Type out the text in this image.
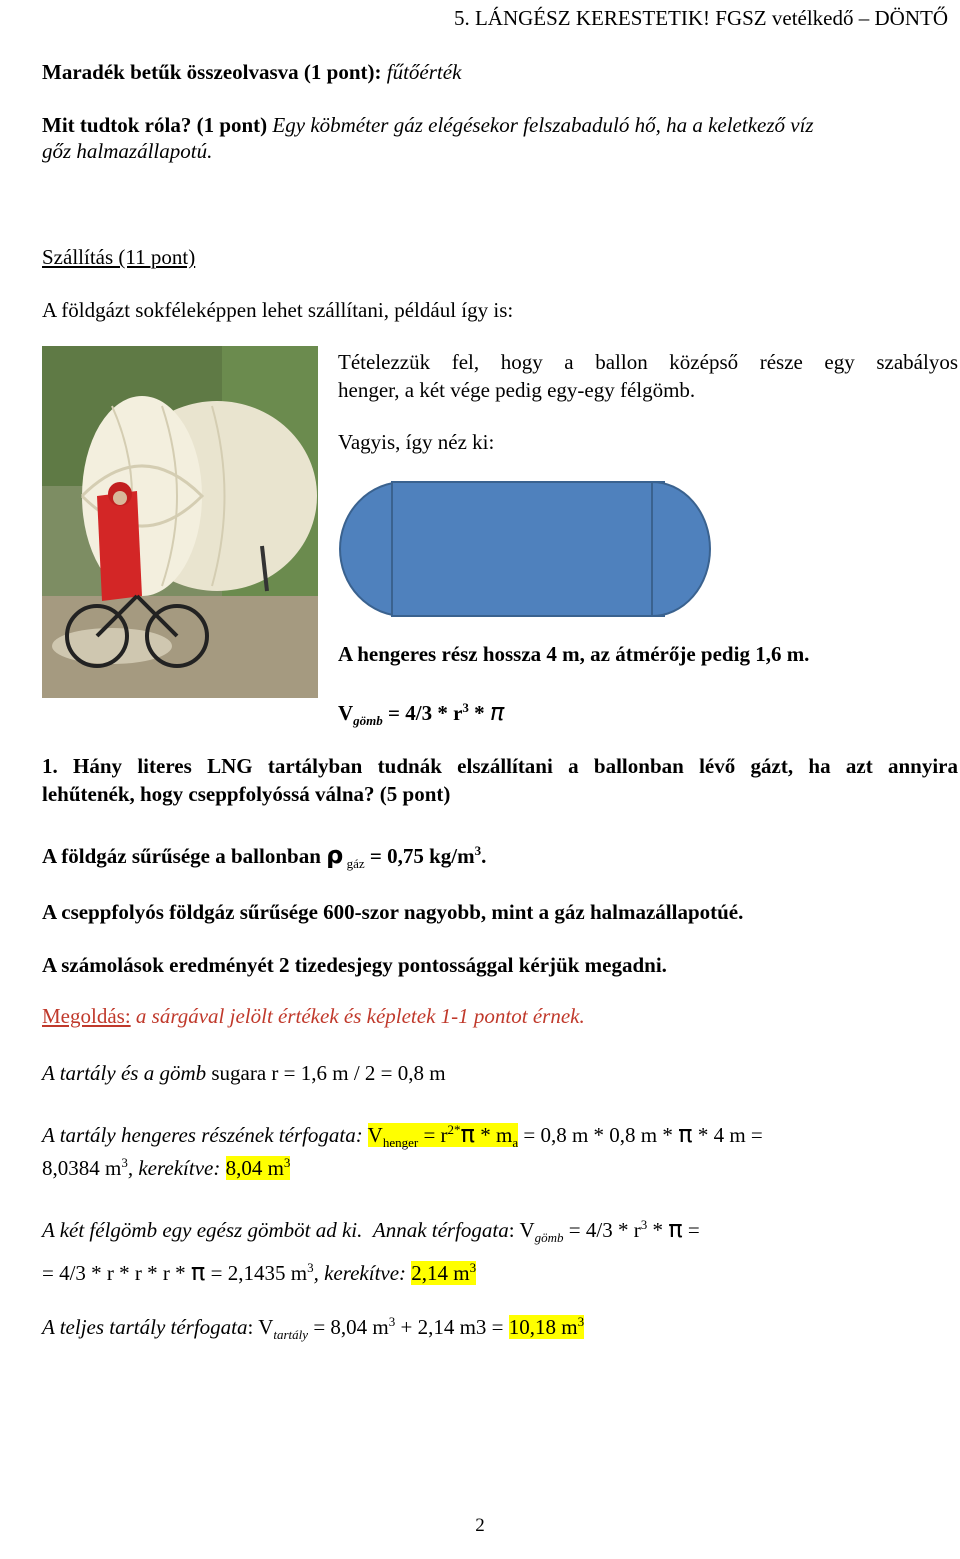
5. LÁNGÉSZ KERESTETIK! FGSZ vetélkedő – DÖNTŐ
Maradék betűk összeolvasva (1 pont): fűtőérték
Mit tudtok róla? (1 pont) Egy köbméter gáz elégésekor felszabaduló hő, ha a keletkező víz
gőz halmazállapotú.
Szállítás (11 pont)
A földgázt sokféleképpen lehet szállítani, például így is:
Tételezzük fel, hogy a ballon középső része egy szabályos
henger, a két vége pedig egy-egy félgömb.
Vagyis, így néz ki:
A hengeres rész hossza 4 m, az átmérője pedig 1,6 m.
$V_{gömb} = 4/3 * r^3 * \pi$
1. Hány literes LNG tartályban tudnák elszállítani a ballonban lévő gázt, ha azt annyira
lehűtenék, hogy cseppfolyóssá válna? (5 pont)
A földgáz sűrűsége a ballonban ρ $_{gáz}$ = 0,75 $kg/m^3$.
A cseppfolyós földgáz sűrűsége 600-szor nagyobb, mint a gáz halmazállapotúé.
A számolások eredményét 2 tizedesjegy pontossággal kérjük megadni.
Megoldás: a sárgával jelölt értékek és képletek 1-1 pontot érnek.
A tartály és a gömb sugara r = 1,6 m / 2 = 0,8 m
A tartály hengeres részének térfogata: $V_{henger} = r^{2*}\pi * m_a = 0,8$ m * 0,8 m * π * 4 m =
8,0384 $m^3$, kerekítve: 8,04 $m^3$
A két félgömb egy egész gömböt ad ki. Annak térfogata: $V_{gömb} = 4/3 * r^3 * \pi$ =
= 4/3 * r * r * r * π = 2,1435 $m^3$, kerekítve: 2,14 $m^3$
A teljes tartály térfogata: $V_{tartály} = 8,04$ $m^3 + 2,14$ m3 = 10,18 $m^3$
2
